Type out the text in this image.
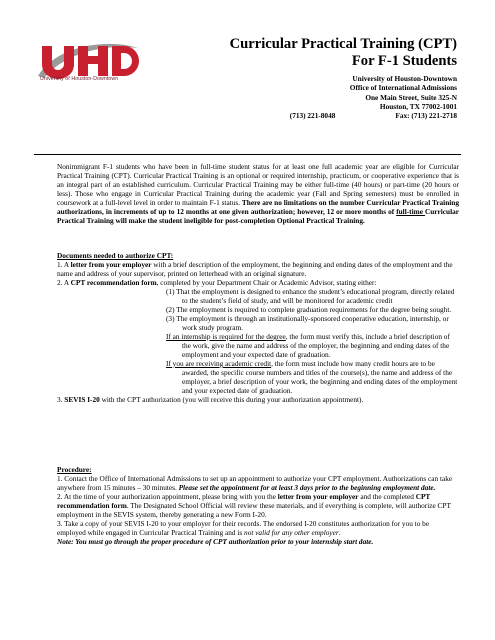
University of Houston-Downtown
Curricular Practical Training (CPT)
For F-1 Students
University of Houston-Downtown
Office of International Admissions
One Main Street, Suite 325-N
Houston, TX 77002-1001
(713) 221-8048	Fax: (713) 221-2718
Nonimmigrant F-1 students who have been in full-time student status for at least one full academic year are eligible for Curricular Practical Training (CPT). Curricular Practical Training is an optional or required internship, practicum, or cooperative experience that is an integral part of an established curriculum. Curricular Practical Training may be either full-time (40 hours) or part-time (20 hours or less). Those who engage in Curricular Practical Training during the academic year (Fall and Spring semesters) must be enrolled in coursework at a full-level level in order to maintain F-1 status. There are no limitations on the number Curricular Practical Training authorizations, in increments of up to 12 months at one given authorization; however, 12 or more months of full-time Curricular Practical Training will make the student ineligible for post-completion Optional Practical Training.

Documents needed to authorize CPT:

1. A letter from your employer with a brief description of the employment, the beginning and ending dates of the employment and the name and address of your supervisor, printed on letterhead with an original signature.

2. A CPT recommendation form, completed by your Department Chair or Academic Advisor, stating either:

(1) That the employment is designed to enhance the student’s educational program, directly related to the student’s field of study, and will be monitored for academic credit

(2) The employment is required to complete graduation requirements for the degree being sought.

(3) The employment is through an institutionally-sponsored cooperative education, internship, or work study program.

If an internship is required for the degree, the form must verify this, include a brief description of the work, give the name and address of the employer, the beginning and ending dates of the employment and your expected date of graduation.

If you are receiving academic credit, the form must include how many credit hours are to be awarded, the specific course numbers and titles of the course(s), the name and address of the employer, a brief description of your work, the beginning and ending dates of the employment and your expected date of graduation.

3. SEVIS I-20 with the CPT authorization (you will receive this during your authorization appointment).

Procedure:

1. Contact the Office of International Admissions to set up an appointment to authorize your CPT employment. Authorizations can take anywhere from 15 minutes – 30 minutes. Please set the appointment for at least 3 days prior to the beginning employment date.

2. At the time of your authorization appointment, please bring with you the letter from your employer and the completed CPT recommendation form. The Designated School Official will review these materials, and if everything is complete, will authorize CPT employment in the SEVIS system, thereby generating a new Form I-20.

3. Take a copy of your SEVIS I-20 to your employer for their records. The endorsed I-20 constitutes authorization for you to be employed while engaged in Curricular Practical Training and is not valid for any other employer.

Note: You must go through the proper procedure of CPT authorization prior to your internship start date.
